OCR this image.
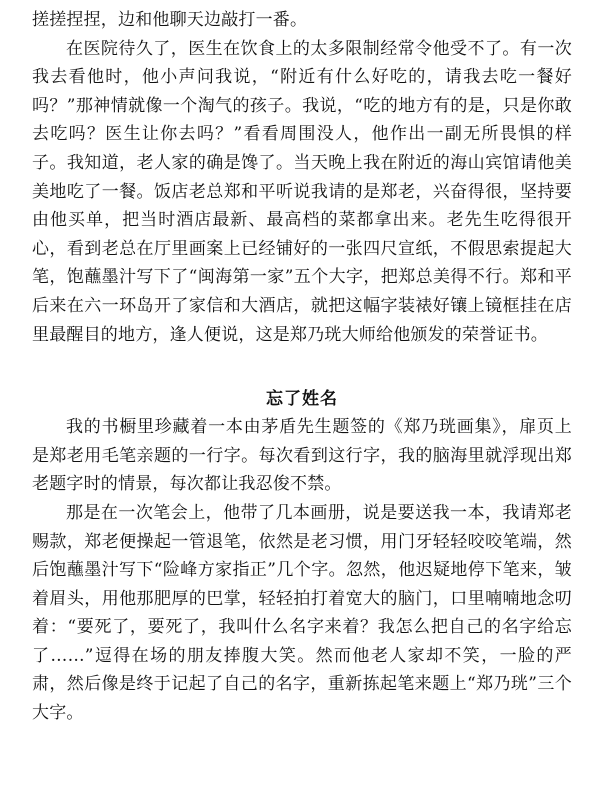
搓搓捏捏，边和他聊天边敲打一番。

在医院待久了，医生在饮食上的太多限制经常令他受不了。有一次我去看他时，他小声问我说，“附近有什么好吃的，请我去吃一餐好吗？”那神情就像一个淘气的孩子。我说，“吃的地方有的是，只是你敢去吃吗？医生让你去吗？”看看周围没人，他作出一副无所畏惧的样子。我知道，老人家的确是馋了。当天晚上我在附近的海山宾馆请他美美地吃了一餐。饭店老总郑和平听说我请的是郑老，兴奋得很，坚持要由他买单，把当时酒店最新、最高档的菜都拿出来。老先生吃得很开心，看到老总在厅里画案上已经铺好的一张四尺宣纸，不假思索提起大笔，饱蘸墨汁写下了“闽海第一家”五个大字，把郑总美得不行。郑和平后来在六一环岛开了家信和大酒店，就把这幅字装裱好镶上镜框挂在店里最醒目的地方，逢人便说，这是郑乃珖大师给他颁发的荣誉证书。

忘了姓名

我的书橱里珍藏着一本由茅盾先生题签的《郑乃珖画集》，扉页上是郑老用毛笔亲题的一行字。每次看到这行字，我的脑海里就浮现出郑老题字时的情景，每次都让我忍俊不禁。

那是在一次笔会上，他带了几本画册，说是要送我一本，我请郑老赐款，郑老便操起一管退笔，依然是老习惯，用门牙轻轻咬咬笔端，然后饱蘸墨汁写下“险峰方家指正”几个字。忽然，他迟疑地停下笔来，皱着眉头，用他那肥厚的巴掌，轻轻拍打着宽大的脑门，口里喃喃地念叨着：“要死了，要死了，我叫什么名字来着？我怎么把自己的名字给忘了……”逗得在场的朋友捧腹大笑。然而他老人家却不笑，一脸的严肃，然后像是终于记起了自己的名字，重新拣起笔来题上“郑乃珖”三个大字。
